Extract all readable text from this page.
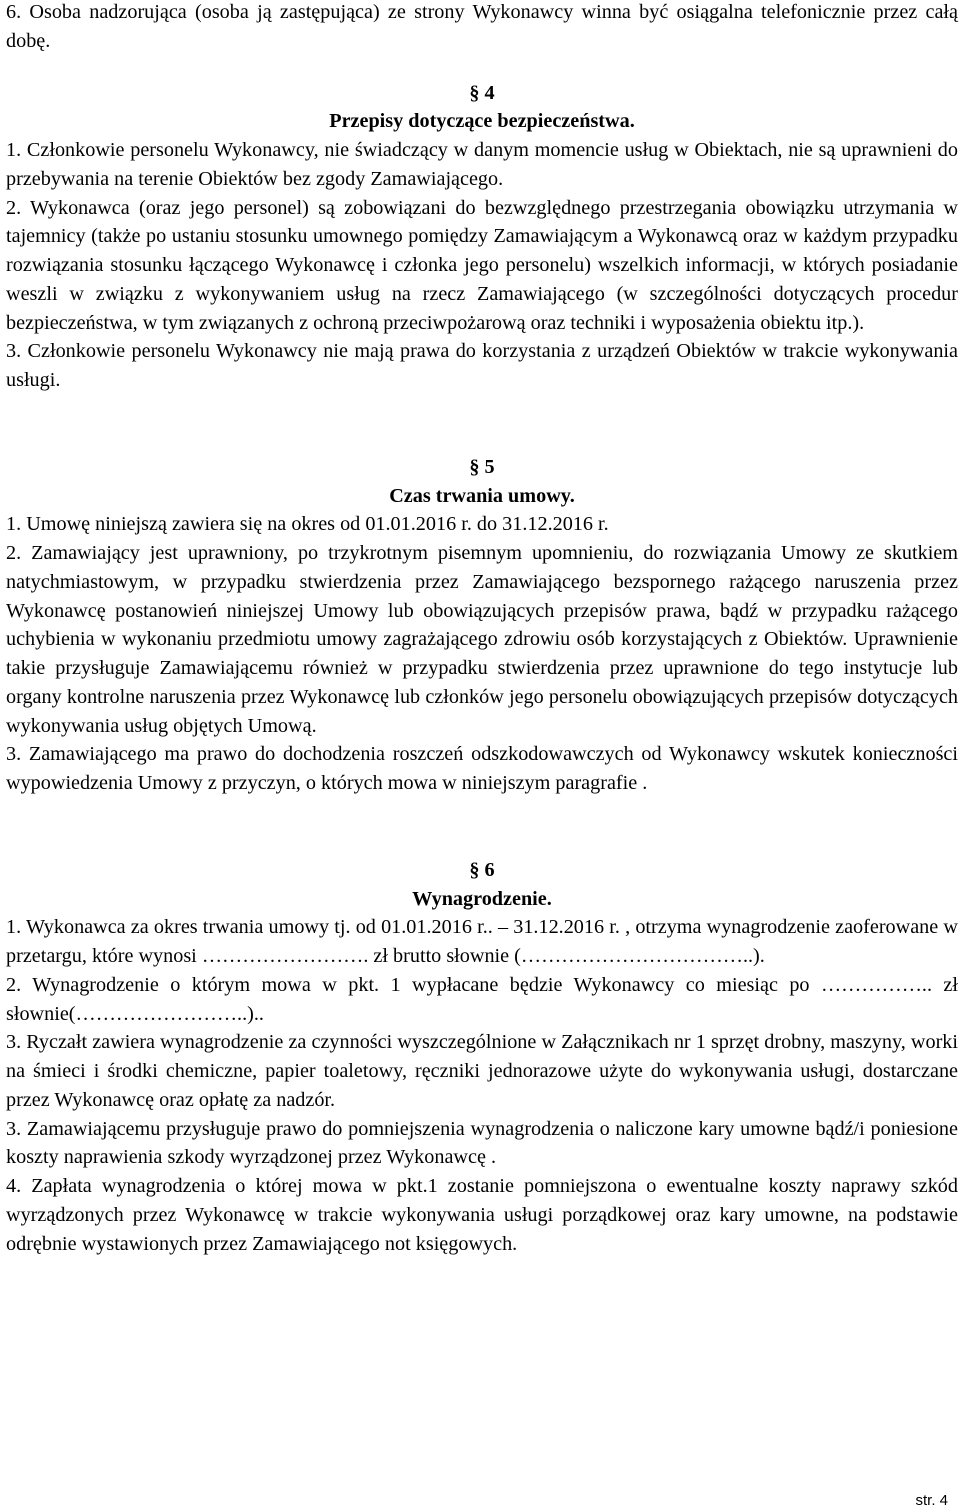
6. Osoba nadzorująca (osoba ją zastępująca) ze strony Wykonawcy winna być osiągalna telefonicznie przez całą dobę.

§ 4
Przepisy dotyczące bezpieczeństwa.

1. Członkowie personelu Wykonawcy, nie świadczący w danym momencie usług w Obiektach, nie są uprawnieni do przebywania na terenie Obiektów bez zgody Zamawiającego.

2. Wykonawca (oraz jego personel) są zobowiązani do bezwzględnego przestrzegania obowiązku utrzymania w tajemnicy (także po ustaniu stosunku umownego pomiędzy Zamawiającym a Wykonawcą oraz w każdym przypadku rozwiązania stosunku łączącego Wykonawcę i członka jego personelu) wszelkich informacji, w których posiadanie weszli w związku z wykonywaniem usług na rzecz Zamawiającego (w szczególności dotyczących procedur bezpieczeństwa, w tym związanych z ochroną przeciwpożarową oraz techniki i wyposażenia obiektu itp.).

3. Członkowie personelu Wykonawcy nie mają prawa do korzystania z urządzeń Obiektów w trakcie wykonywania usługi.

§ 5
Czas trwania umowy.

1. Umowę niniejszą zawiera się na okres od 01.01.2016 r. do 31.12.2016 r.

2. Zamawiający jest uprawniony, po trzykrotnym pisemnym upomnieniu, do rozwiązania Umowy ze skutkiem natychmiastowym, w przypadku stwierdzenia przez Zamawiającego bezspornego rażącego naruszenia przez Wykonawcę postanowień niniejszej Umowy lub obowiązujących przepisów prawa, bądź w przypadku rażącego uchybienia w wykonaniu przedmiotu umowy zagrażającego zdrowiu osób korzystających z Obiektów. Uprawnienie takie przysługuje Zamawiającemu również w przypadku stwierdzenia przez uprawnione do tego instytucje lub organy kontrolne naruszenia przez Wykonawcę lub członków jego personelu obowiązujących przepisów dotyczących wykonywania usług objętych Umową.

3. Zamawiającego ma prawo do dochodzenia roszczeń odszkodowawczych od Wykonawcy wskutek konieczności wypowiedzenia Umowy z przyczyn, o których mowa w niniejszym paragrafie .

§ 6
Wynagrodzenie.

1. Wykonawca za okres trwania umowy tj. od 01.01.2016 r.. – 31.12.2016 r. , otrzyma wynagrodzenie zaoferowane w przetargu, które wynosi ……………………. zł brutto słownie (……………………………..).

2. Wynagrodzenie o którym mowa w pkt. 1 wypłacane będzie Wykonawcy co miesiąc po …………….. zł słownie(……………………..)..

3. Ryczałt zawiera wynagrodzenie za czynności wyszczególnione w Załącznikach nr 1 sprzęt drobny, maszyny, worki na śmieci i środki chemiczne, papier toaletowy, ręczniki jednorazowe użyte do wykonywania usługi, dostarczane przez Wykonawcę oraz opłatę za nadzór.

3. Zamawiającemu przysługuje prawo do pomniejszenia wynagrodzenia o naliczone kary umowne bądź/i poniesione koszty naprawienia szkody wyrządzonej przez Wykonawcę .

4. Zapłata wynagrodzenia o której mowa w pkt.1 zostanie pomniejszona o ewentualne koszty naprawy szkód wyrządzonych przez Wykonawcę w trakcie wykonywania usługi porządkowej oraz kary umowne, na podstawie odrębnie wystawionych przez Zamawiającego not księgowych.

str. 4
